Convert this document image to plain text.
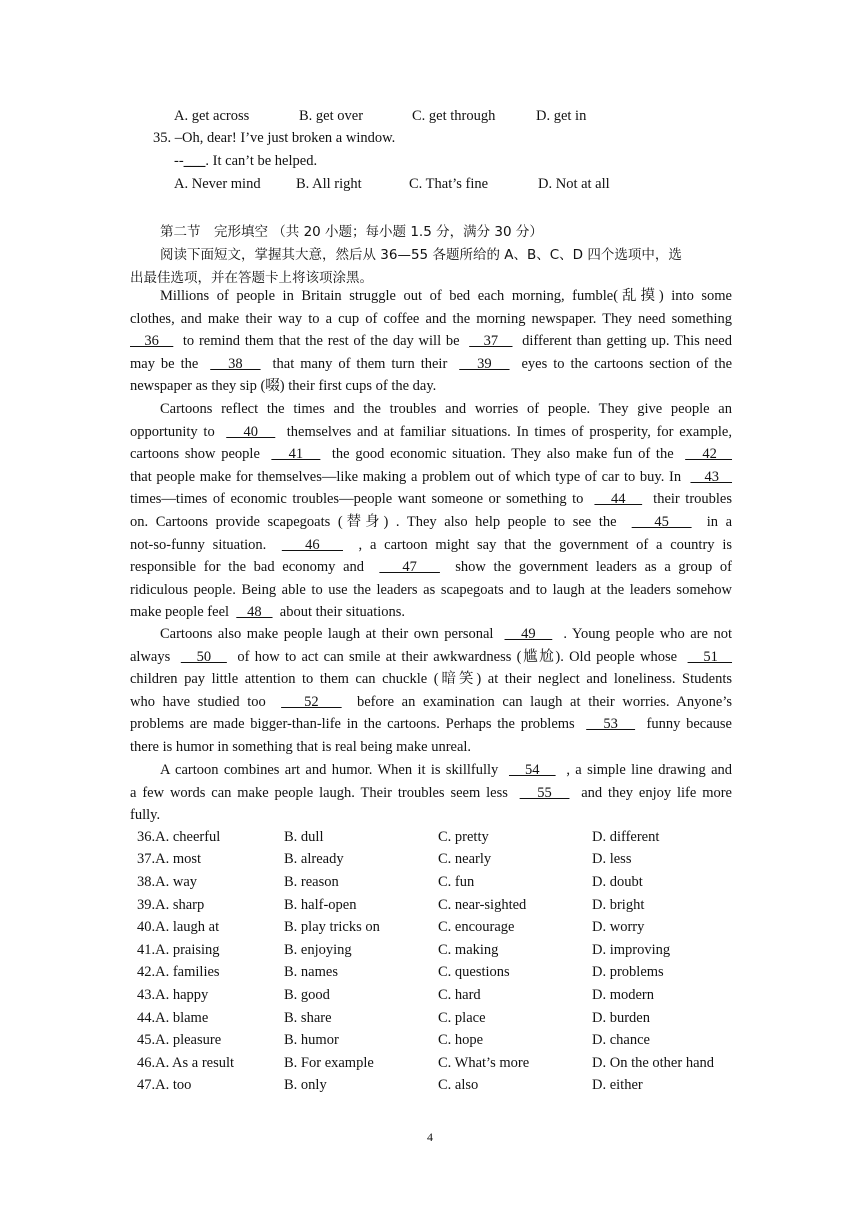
A. get across	B. get over	C. get through	D. get in
35. –Oh, dear! I’ve just broken a window.
--___. It can’t be helped.
A. Never mind B. All right	C. That’s fine	D. Not at all
第二节　完形填空 （共 20 小题；每小题 1.5 分，满分 30 分）
阅读下面短文，掌握其大意，然后从 36—55 各题所给的 A、B、C、D 四个选项中，选
出最佳选项，并在答题卡上将该项涂黑。
Millions of people in Britain struggle out of bed each morning, fumble(乱摸) into some
clothes, and make their way to a cup of coffee and the morning newspaper. They need something
36     to remind them that the rest of the day will be     37     different than getting up. This need
may be the     38     that many of them turn their     39     eyes to the cartoons section of the
newspaper as they sip (啜) their first cups of the day.
Cartoons reflect the times and the troubles and worries of people. They give people an
opportunity to     40     themselves and at familiar situations. In times of prosperity, for example,
cartoons show people     41     the good economic situation. They also make fun of the     42
that people make for themselves—like making a problem out of which type of car to buy. In     43
times—times of economic troubles—people want someone or something to     44     their troubles
on. Cartoons provide scapegoats (替身) . They also help people to see the     45     in a
not-so-funny situation.     46     , a cartoon might say that the government of a country is
responsible for the bad economy and     47     show the government leaders as a group of
ridiculous people. Being able to use the leaders as scapegoats and to laugh at the leaders somehow
make people feel     48     about their situations.
Cartoons also make people laugh at their own personal     49     . Young people who are not
always     50     of how to act can smile at their awkwardness (尴尬). Old people whose     51
children pay little attention to them can chuckle (暗笑) at their neglect and loneliness. Students
who have studied too     52     before an examination can laugh at their worries. Anyone’s
problems are made bigger-than-life in the cartoons. Perhaps the problems     53     funny because
there is humor in something that is real being make unreal.
A cartoon combines art and humor. When it is skillfully     54     , a simple line drawing and
a few words can make people laugh. Their troubles seem less     55     and they enjoy life more
fully.
36.A. cheerful	B. dull	C. pretty	D. different
37.A. most	B. already	C. nearly	D. less
38.A. way	B. reason	C. fun	D. doubt
39.A. sharp	B. half-open	C. near-sighted	D. bright
40.A. laugh at	B. play tricks on	C. encourage	D. worry
41.A. praising	B. enjoying	C. making	D. improving
42.A. families	B. names	C. questions	D. problems
43.A. happy	B. good	C. hard	D. modern
44.A. blame	B. share	C. place	D. burden
45.A. pleasure	B. humor	C. hope	D. chance
46.A. As a result	B. For example	C. What’s more	D. On the other hand
47.A. too	B. only	C. also	D. either
4
